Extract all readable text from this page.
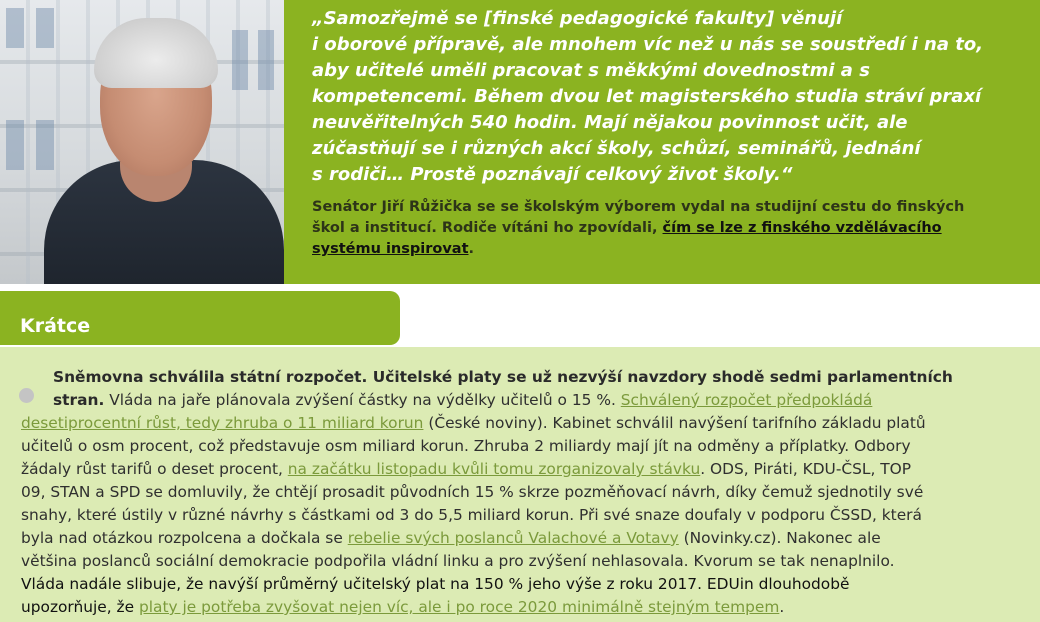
„Samozřejmě se [finské pedagogické fakulty] věnují
i oborové přípravě, ale mnohem víc než u nás se soustředí i na to,
aby učitelé uměli pracovat s měkkými dovednostmi a s
kompetencemi. Během dvou let magisterského studia stráví praxí
neuvěřitelných 540 hodin. Mají nějakou povinnost učit, ale
zúčastňují se i různých akcí školy, schůzí, seminářů, jednání
s rodiči… Prostě poznávají celkový život školy.“

Senátor Jiří Růžička se se školským výborem vydal na studijní cestu do finských
škol a institucí. Rodiče vítáni ho zpovídali, čím se lze z finského vzdělávacího
systému inspirovat.

Krátce

Sněmovna schválila státní rozpočet. Učitelské platy se už nezvýší navzdory shodě sedmi parlamentních
stran. Vláda na jaře plánovala zvýšení částky na výdělky učitelů o 15 %. Schválený rozpočet předpokládá
desetiprocentní růst, tedy zhruba o 11 miliard korun (České noviny). Kabinet schválil navýšení tarifního základu platů
učitelů o osm procent, což představuje osm miliard korun. Zhruba 2 miliardy mají jít na odměny a příplatky. Odbory
žádaly růst tarifů o deset procent, na začátku listopadu kvůli tomu zorganizovaly stávku. ODS, Piráti, KDU-ČSL, TOP
09, STAN a SPD se domluvily, že chtějí prosadit původních 15 % skrze pozměňovací návrh, díky čemuž sjednotily své
snahy, které ústily v různé návrhy s částkami od 3 do 5,5 miliard korun. Při své snaze doufaly v podporu ČSSD, která
byla nad otázkou rozpolcena a dočkala se rebelie svých poslanců Valachové a Votavy (Novinky.cz). Nakonec ale
většina poslanců sociální demokracie podpořila vládní linku a pro zvýšení nehlasovala. Kvorum se tak nenaplnilo.
Vláda nadále slibuje, že navýší průměrný učitelský plat na 150 % jeho výše z roku 2017. EDUin dlouhodobě
upozorňuje, že platy je potřeba zvyšovat nejen víc, ale i po roce 2020 minimálně stejným tempem.
